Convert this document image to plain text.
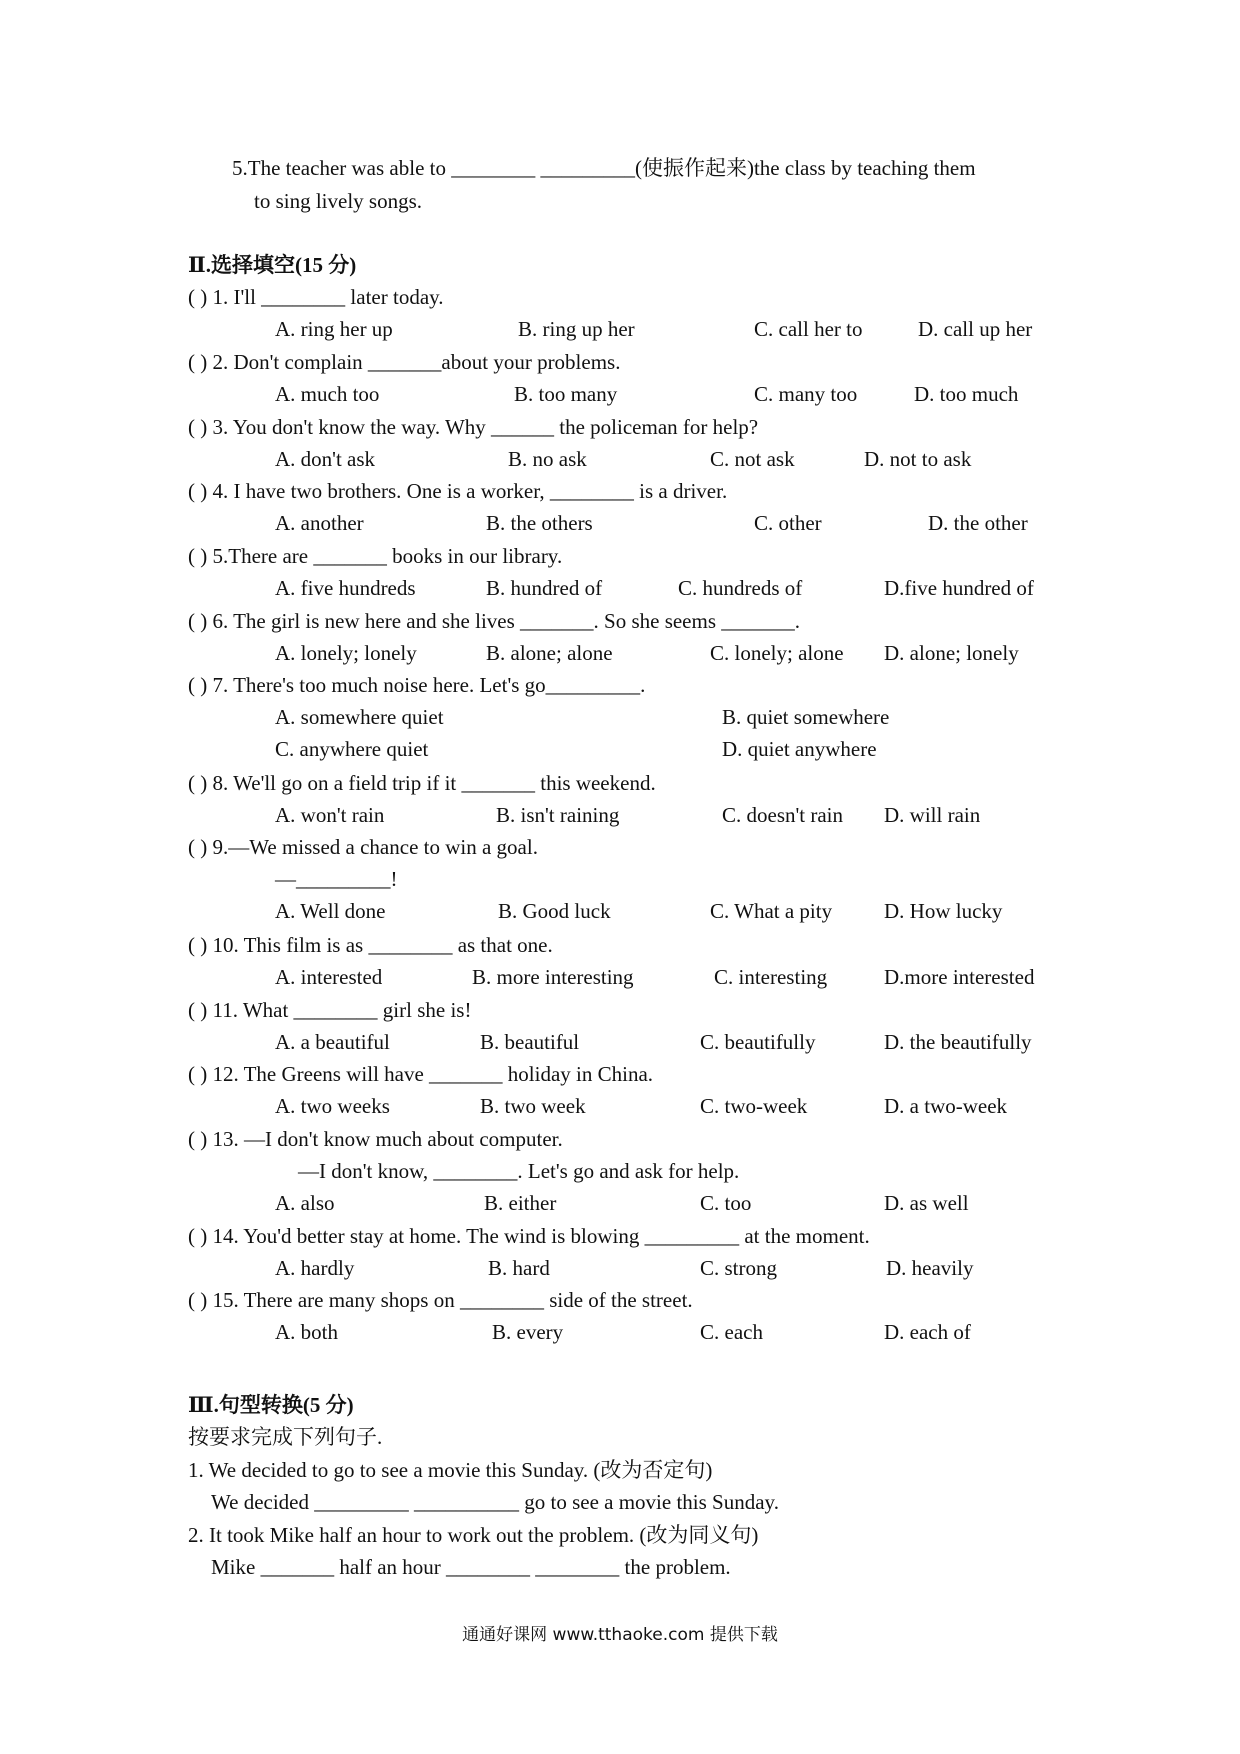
5.The teacher was able to ________ _________(使振作起来)the class by teaching them
to sing lively songs.
Ⅱ.选择填空(15 分)
( ) 1. I'll ________ later today.
A. ring her up	B. ring up her	C. call her to	D. call up her
( ) 2. Don't complain _______about your problems.
A. much too	B. too many	C. many too	D. too much
( ) 3. You don't know the way. Why ______ the policeman for help?
A. don't ask	B. no ask	C. not ask	D. not to ask
( ) 4. I have two brothers. One is a worker, ________ is a driver.
A. another	B. the others	C. other	D. the other
( ) 5.There are _______ books in our library.
A. five hundreds	B. hundred of	C. hundreds of	D.five hundred of
( ) 6. The girl is new here and she lives _______. So she seems _______.
A. lonely; lonely	B. alone; alone	C. lonely; alone D. alone; lonely
( ) 7. There's too much noise here. Let's go_________.
A. somewhere quiet	B. quiet somewhere
C. anywhere quiet	D. quiet anywhere
( ) 8. We'll go on a field trip if it _______ this weekend.
A. won't rain	B. isn't raining	C. doesn't rain D. will rain
( ) 9.—We missed a chance to win a goal.
—_________!
A. Well done	B. Good luck	C. What a pity D. How lucky
( ) 10. This film is as ________ as that one.
A. interested	B. more interesting	C. interesting	D.more interested
( ) 11. What ________ girl she is!
A. a beautiful	B. beautiful	C. beautifully	D. the beautifully
( ) 12. The Greens will have _______ holiday in China.
A. two weeks	B. two week	C. two-week	D. a two-week
( ) 13. —I don't know much about computer.
—I don't know, ________. Let's go and ask for help.
A. also	B. either	C. too	D. as well
( ) 14. You'd better stay at home. The wind is blowing _________ at the moment.
A. hardly	B. hard	C. strong	D. heavily
( ) 15. There are many shops on ________ side of the street.
A. both	B. every	C. each	D. each of
Ⅲ.句型转换(5 分)
按要求完成下列句子.
1. We decided to go to see a movie this Sunday. (改为否定句)
We decided _________ __________ go to see a movie this Sunday.
2. It took Mike half an hour to work out the problem. (改为同义句)
Mike _______ half an hour ________ ________ the problem.
通通好课网 www.tthaoke.com 提供下载
